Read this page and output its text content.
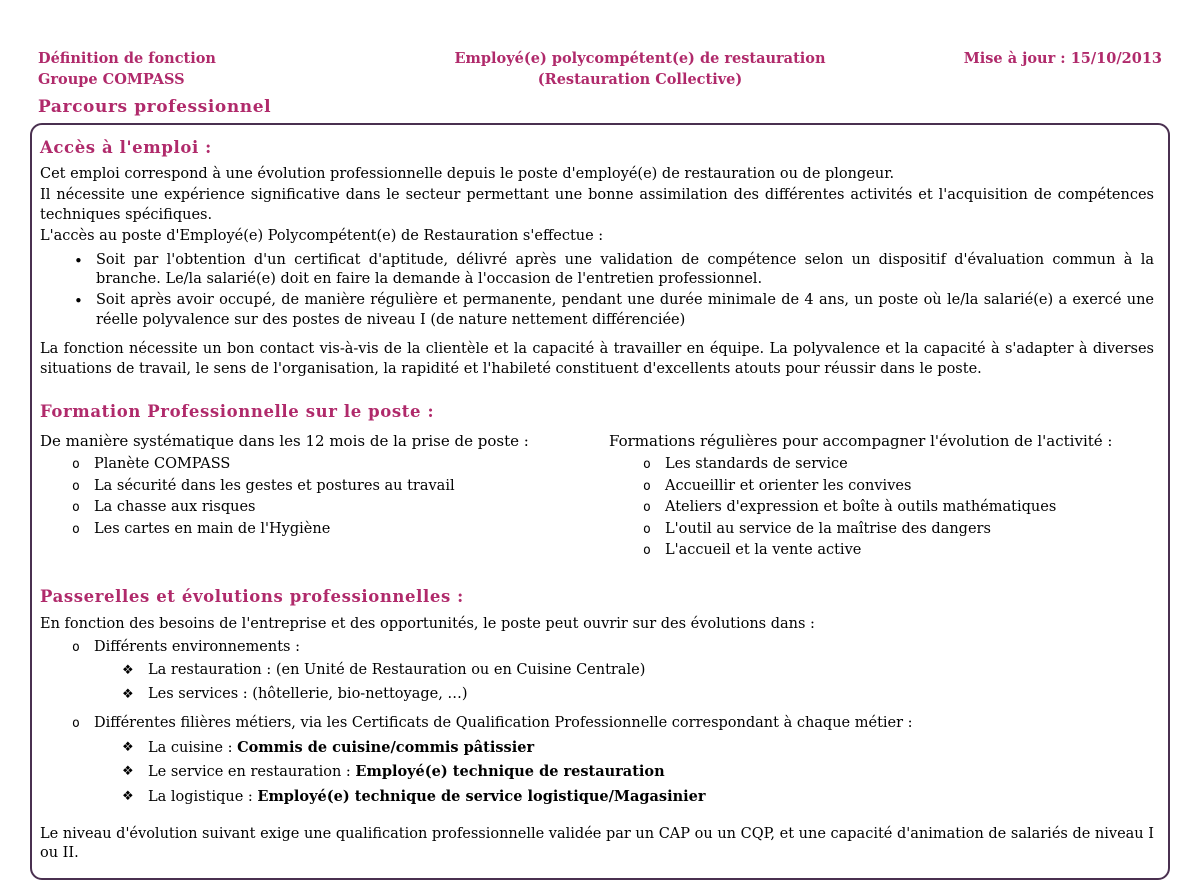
Définition de fonction
Groupe COMPASS
Employé(e) polycompétent(e) de restauration
(Restauration Collective)
Mise à jour : 15/10/2013
Parcours professionnel
Accès à l'emploi :

Cet emploi correspond à une évolution professionnelle depuis le poste d'employé(e) de restauration ou de plongeur.

Il nécessite une expérience significative dans le secteur permettant une bonne assimilation des différentes activités et l'acquisition de compétences techniques spécifiques.

L'accès au poste d'Employé(e) Polycompétent(e) de Restauration s'effectue :

• Soit par l'obtention d'un certificat d'aptitude, délivré après une validation de compétence selon un dispositif d'évaluation commun à la branche. Le/la salarié(e) doit en faire la demande à l'occasion de l'entretien professionnel.
• Soit après avoir occupé, de manière régulière et permanente, pendant une durée minimale de 4 ans, un poste où le/la salarié(e) a exercé une réelle polyvalence sur des postes de niveau I (de nature nettement différenciée)

La fonction nécessite un bon contact vis-à-vis de la clientèle et la capacité à travailler en équipe. La polyvalence et la capacité à s'adapter à diverses situations de travail, le sens de l'organisation, la rapidité et l'habileté constituent d'excellents atouts pour réussir dans le poste.

Formation Professionnelle sur le poste :
De manière systématique dans les 12 mois de la prise de poste :
o Planète COMPASS
o La sécurité dans les gestes et postures au travail
o La chasse aux risques
o Les cartes en main de l'Hygiène
Formations régulières pour accompagner l'évolution de l'activité :
o Les standards de service
o Accueillir et orienter les convives
o Ateliers d'expression et boîte à outils mathématiques
o L'outil au service de la maîtrise des dangers
o L'accueil et la vente active
Passerelles et évolutions professionnelles :

En fonction des besoins de l'entreprise et des opportunités, le poste peut ouvrir sur des évolutions dans :

o Différents environnements :
❖ La restauration : (en Unité de Restauration ou en Cuisine Centrale)
❖ Les services : (hôtellerie, bio-nettoyage, …)
o Différentes filières métiers, via les Certificats de Qualification Professionnelle correspondant à chaque métier :
❖ La cuisine : Commis de cuisine/commis pâtissier
❖ Le service en restauration : Employé(e) technique de restauration
❖ La logistique : Employé(e) technique de service logistique/Magasinier

Le niveau d'évolution suivant exige une qualification professionnelle validée par un CAP ou un CQP, et une capacité d'animation de salariés de niveau I ou II.
